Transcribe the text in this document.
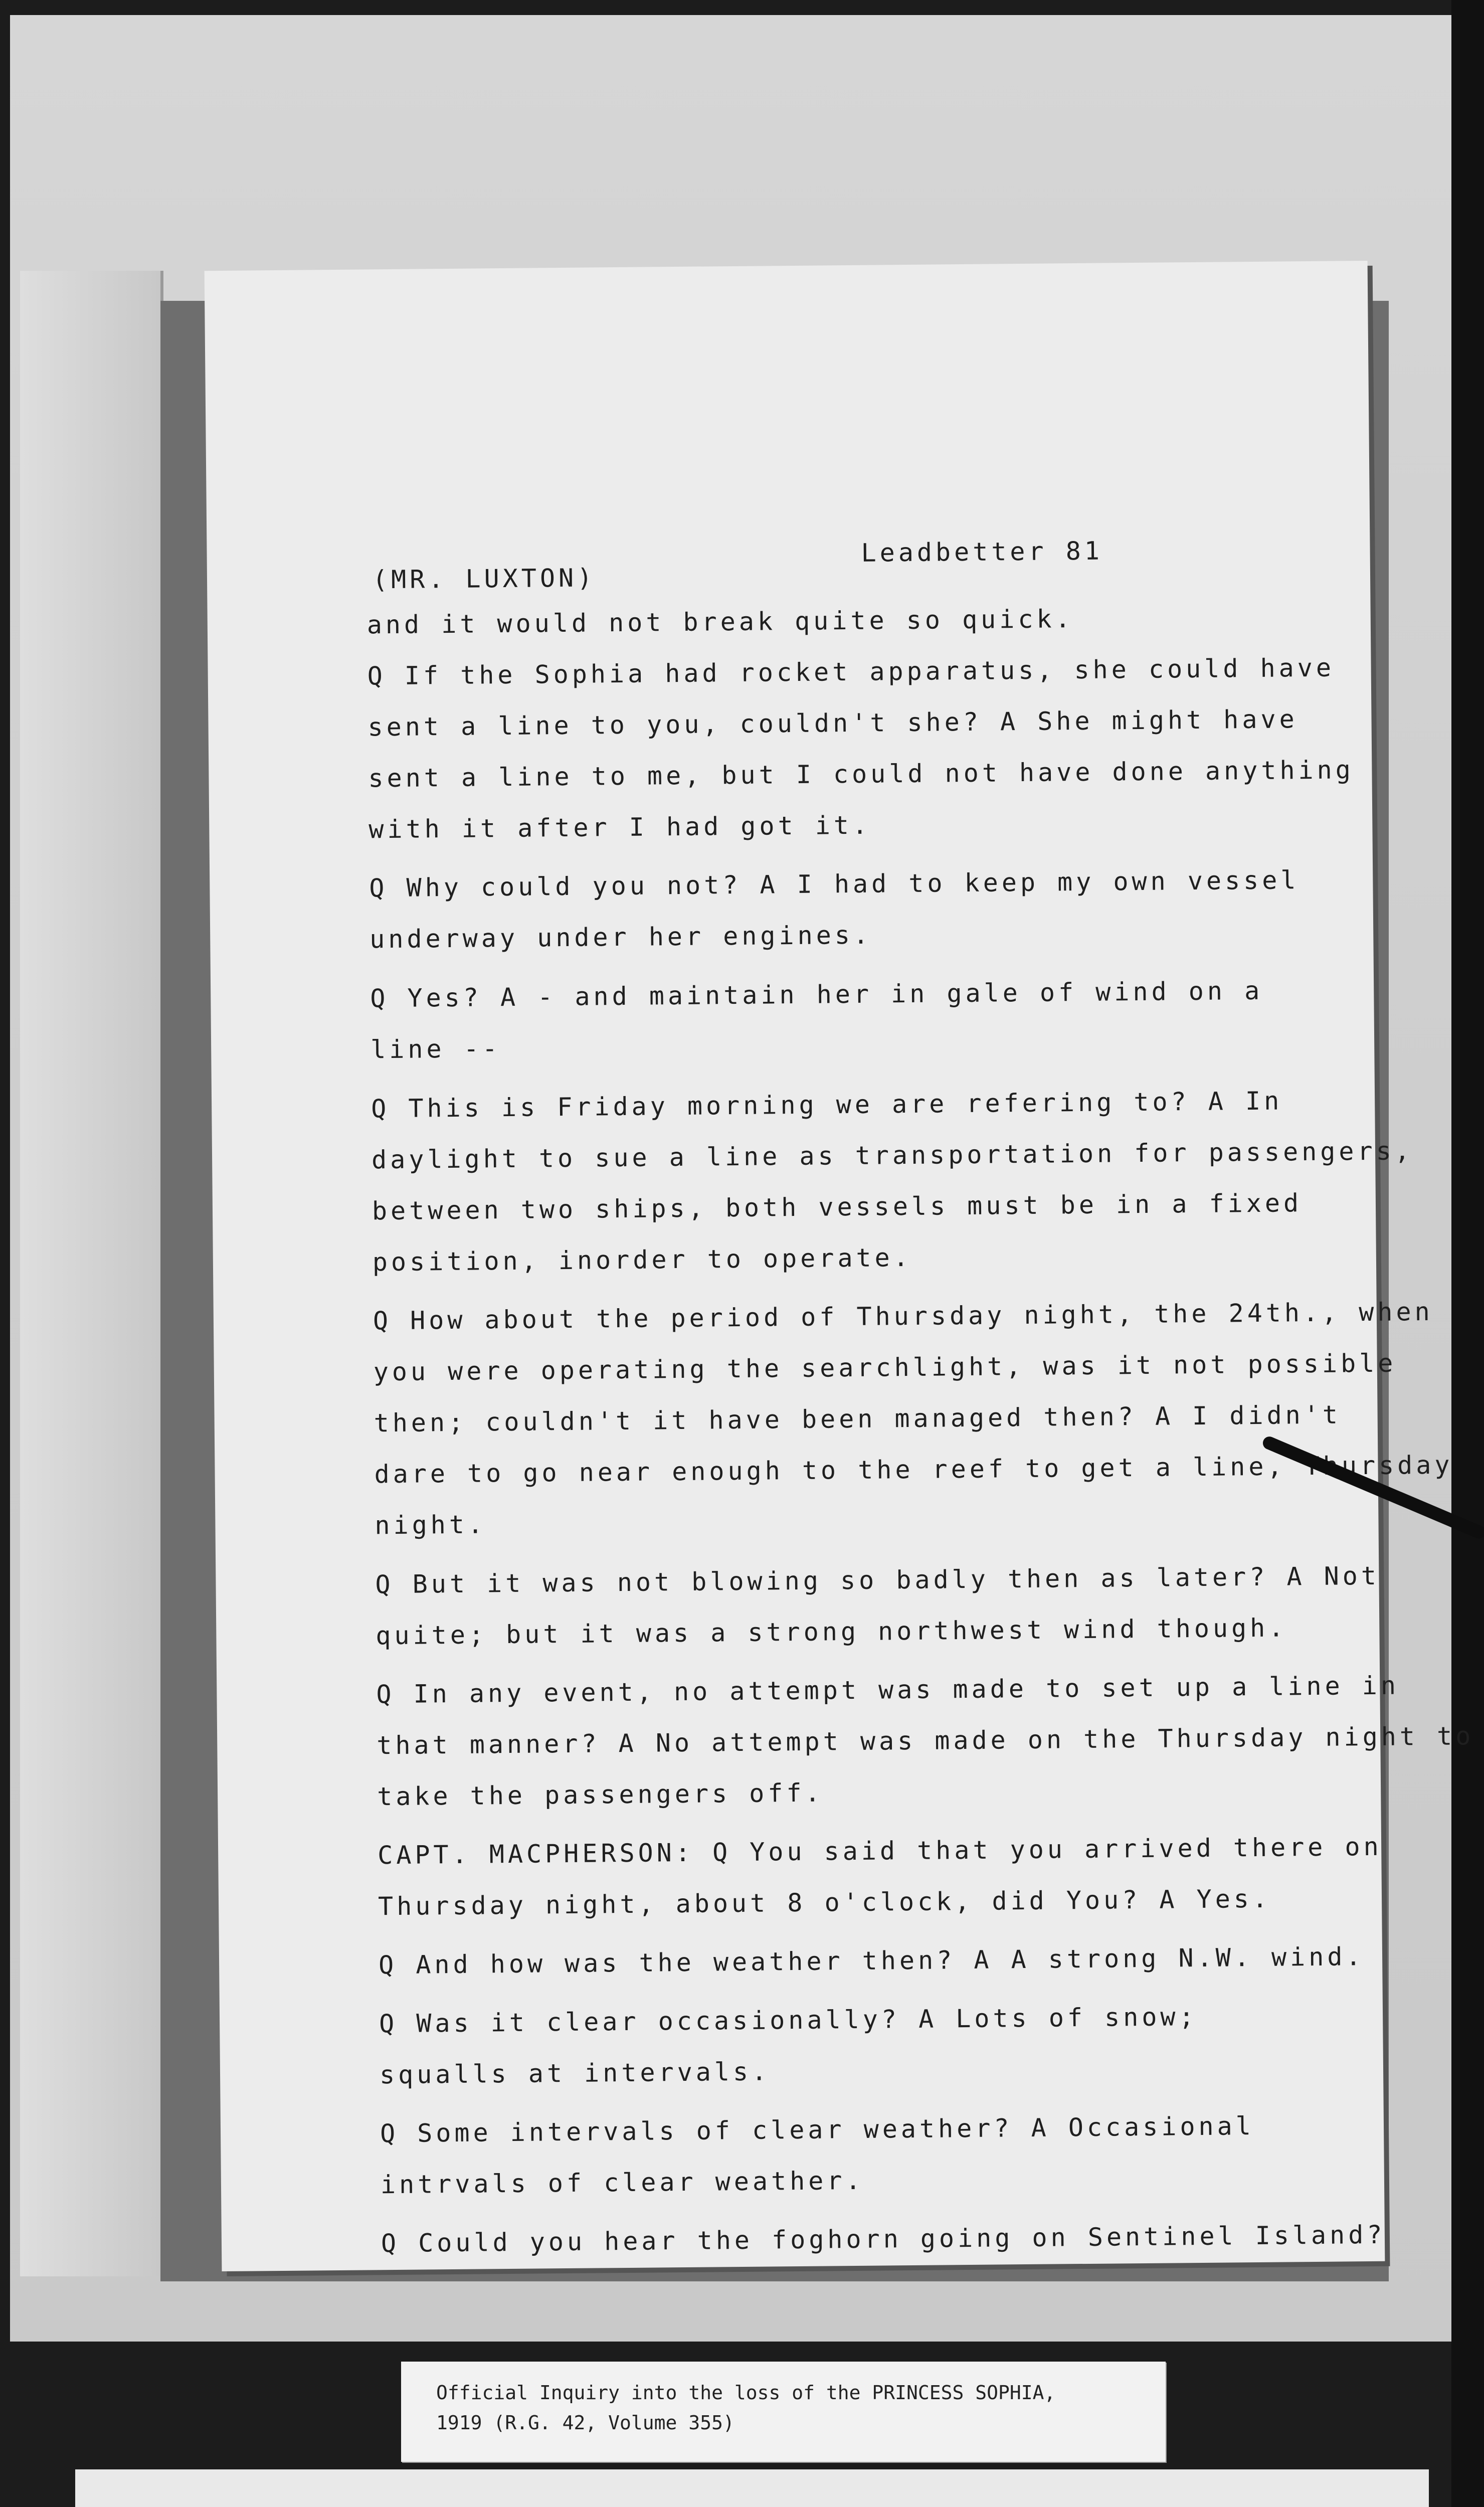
(MR. LUXTON)
Leadbetter 81
and it would not break quite so quick.
Q If the Sophia had rocket apparatus, she could have
sent a line to you, couldn't she? A She might have
sent a line to me, but I could not have done anything
with it after I had got it.
Q Why could you not? A I had to keep my own vessel
underway under her engines.
Q Yes? A - and maintain her in gale of wind on a
line --
Q This is Friday morning we are refering to? A In
daylight to sue a line as transportation for passengers,
between two ships, both vessels must be in a fixed
position, inorder to operate.
Q How about the period of Thursday night, the 24th., when
you were operating the searchlight, was it not possible
then; couldn't it have been managed then? A I didn't
dare to go near enough to the reef to get a line, Thursday
night.
Q But it was not blowing so badly then as later? A Not
quite; but it was a strong northwest wind though.
Q In any event, no attempt was made to set up a line in
that manner? A No attempt was made on the Thursday night to
take the passengers off.
CAPT. MACPHERSON: Q You said that you arrived there on
Thursday night, about 8 o'clock, did You? A Yes.
Q And how was the weather then? A A strong N.W. wind.
Q Was it clear occasionally? A Lots of snow;
squalls at intervals.
Q Some intervals of clear weather? A Occasional
intrvals of clear weather.
Q Could you hear the foghorn going on Sentinel Island?
Official Inquiry into the loss of the PRINCESS SOPHIA,
1919 (R.G. 42, Volume 355)
